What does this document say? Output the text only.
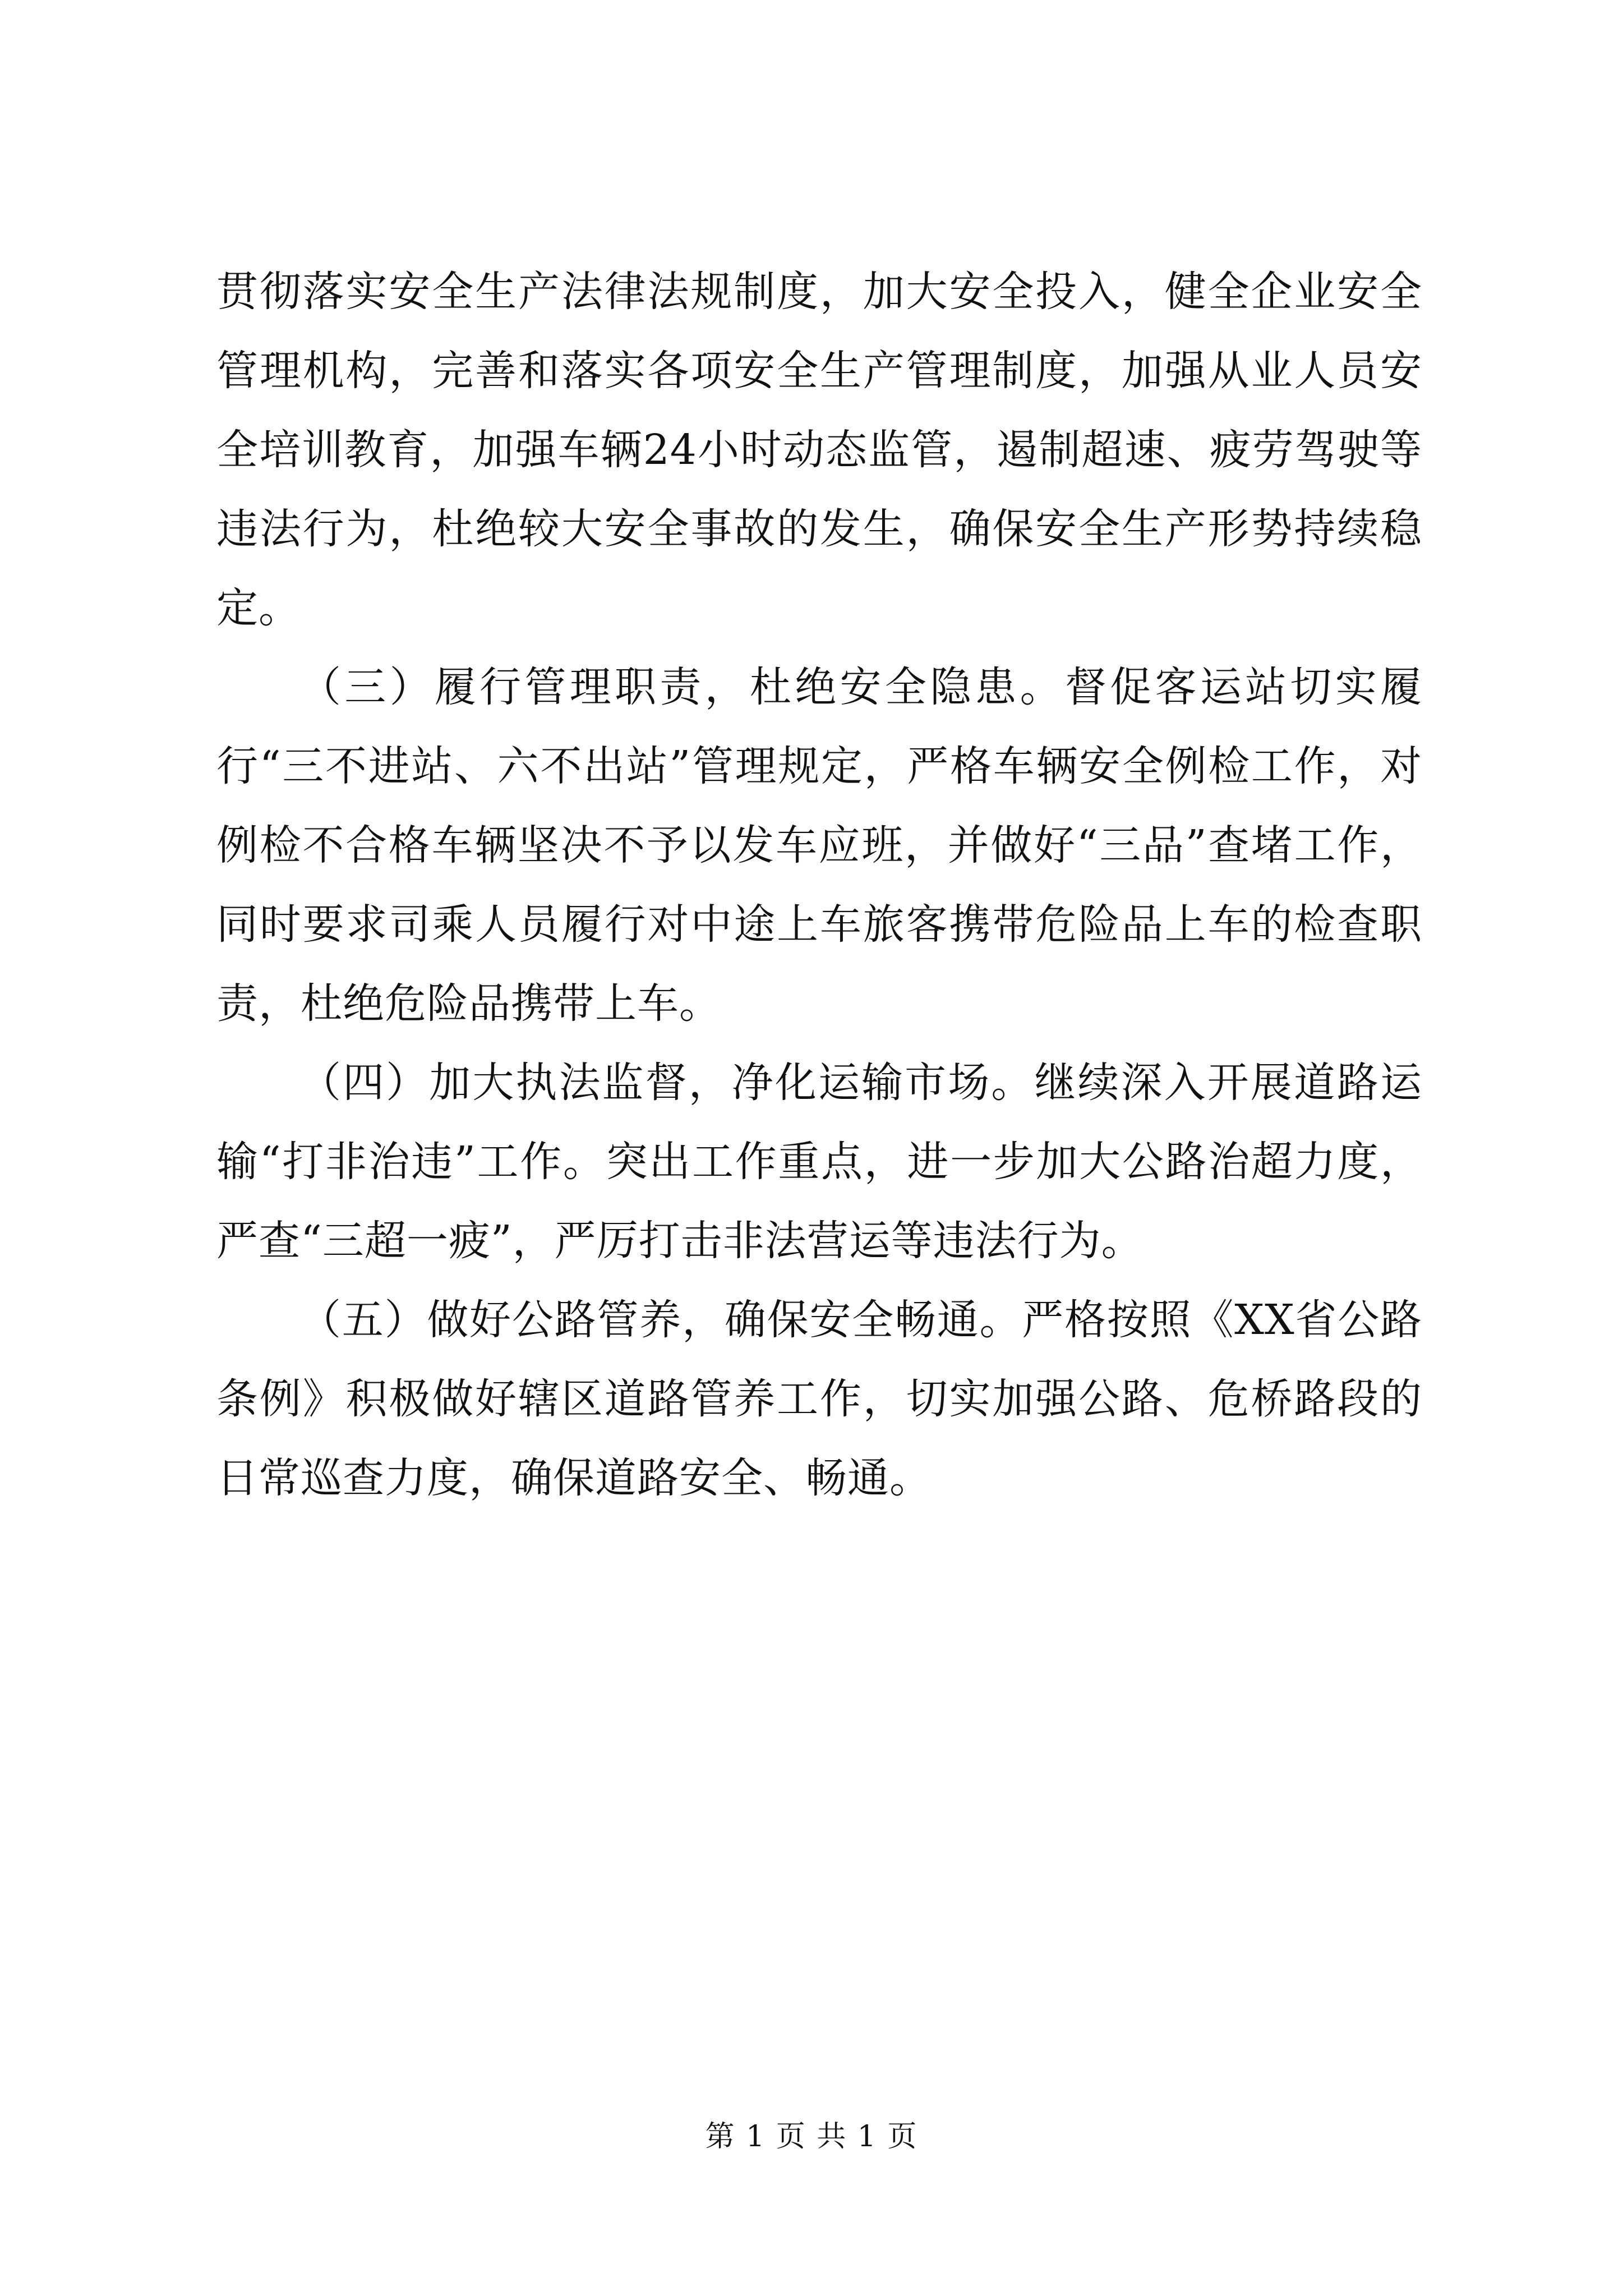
贯彻落实安全生产法律法规制度，加大安全投入，健全企业安全管理机构，完善和落实各项安全生产管理制度，加强从业人员安全培训教育，加强车辆24小时动态监管，遏制超速、疲劳驾驶等违法行为，杜绝较大安全事故的发生，确保安全生产形势持续稳定。

（三）履行管理职责，杜绝安全隐患。督促客运站切实履行“三不进站、六不出站”管理规定，严格车辆安全例检工作，对例检不合格车辆坚决不予以发车应班，并做好“三品”查堵工作，同时要求司乘人员履行对中途上车旅客携带危险品上车的检查职责，杜绝危险品携带上车。

（四）加大执法监督，净化运输市场。继续深入开展道路运输“打非治违”工作。突出工作重点，进一步加大公路治超力度，严查“三超一疲”，严厉打击非法营运等违法行为。

（五）做好公路管养，确保安全畅通。严格按照《XX省公路条例》积极做好辖区道路管养工作，切实加强公路、危桥路段的日常巡查力度，确保道路安全、畅通。

第 1 页 共 1 页
